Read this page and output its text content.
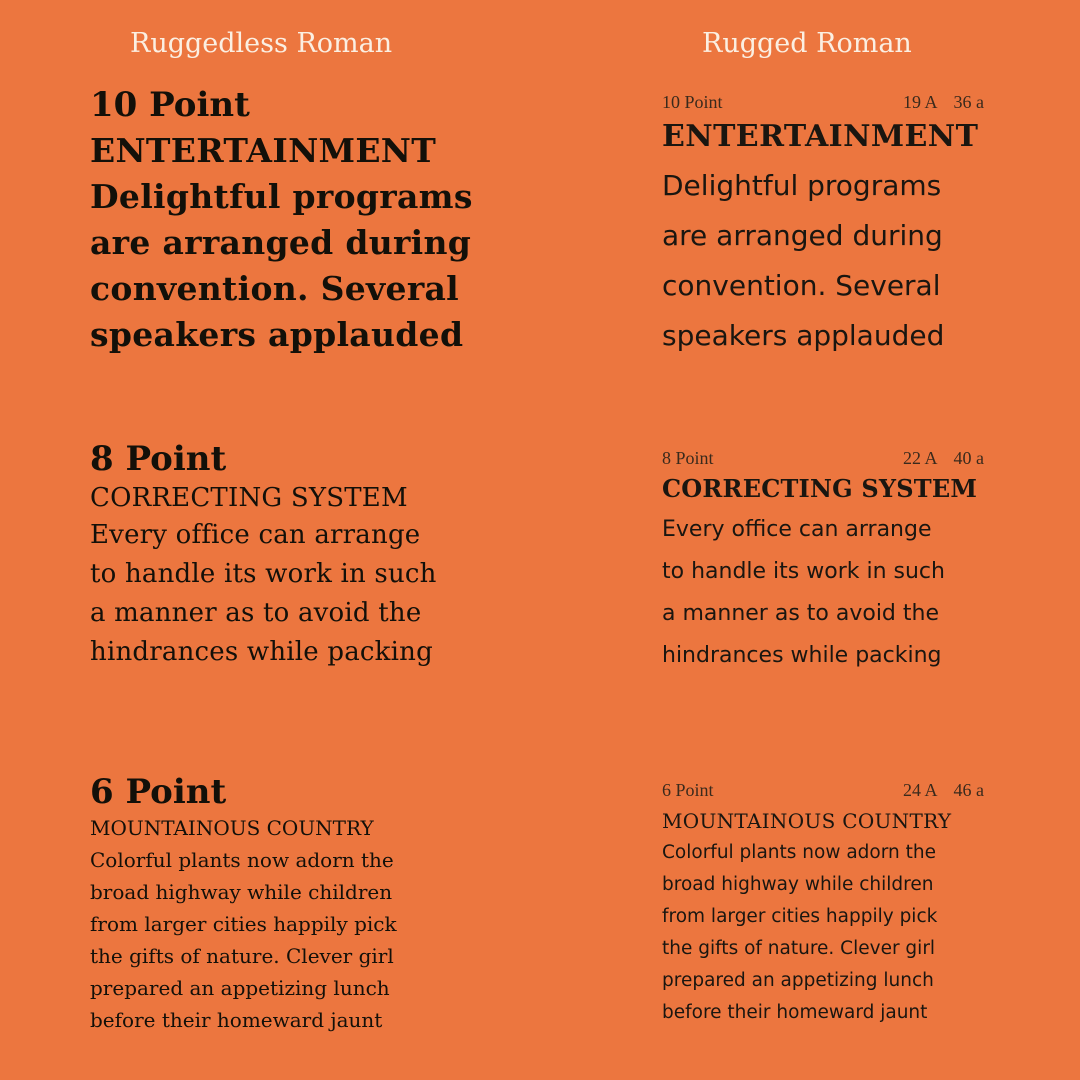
Ruggedless Roman	Rugged Roman
10 Point
ENTERTAINMENT
Delightful programs
are arranged during
convention. Several
speakers applauded
8 Point
CORRECTING SYSTEM
Every office can arrange
to handle its work in such
a manner as to avoid the
hindrances while packing
6 Point
MOUNTAINOUS COUNTRY
Colorful plants now adorn the
broad highway while children
from larger cities happily pick
the gifts of nature. Clever girl
prepared an appetizing lunch
before their homeward jaunt
10 Point	19 A 36 a
ENTERTAINMENT
Delightful programs
are arranged during
convention. Several
speakers applauded
8 Point	22 A 40 a
CORRECTING SYSTEM
Every office can arrange
to handle its work in such
a manner as to avoid the
hindrances while packing
6 Point	24 A 46 a
MOUNTAINOUS COUNTRY
Colorful plants now adorn the
broad highway while children
from larger cities happily pick
the gifts of nature. Clever girl
prepared an appetizing lunch
before their homeward jaunt
